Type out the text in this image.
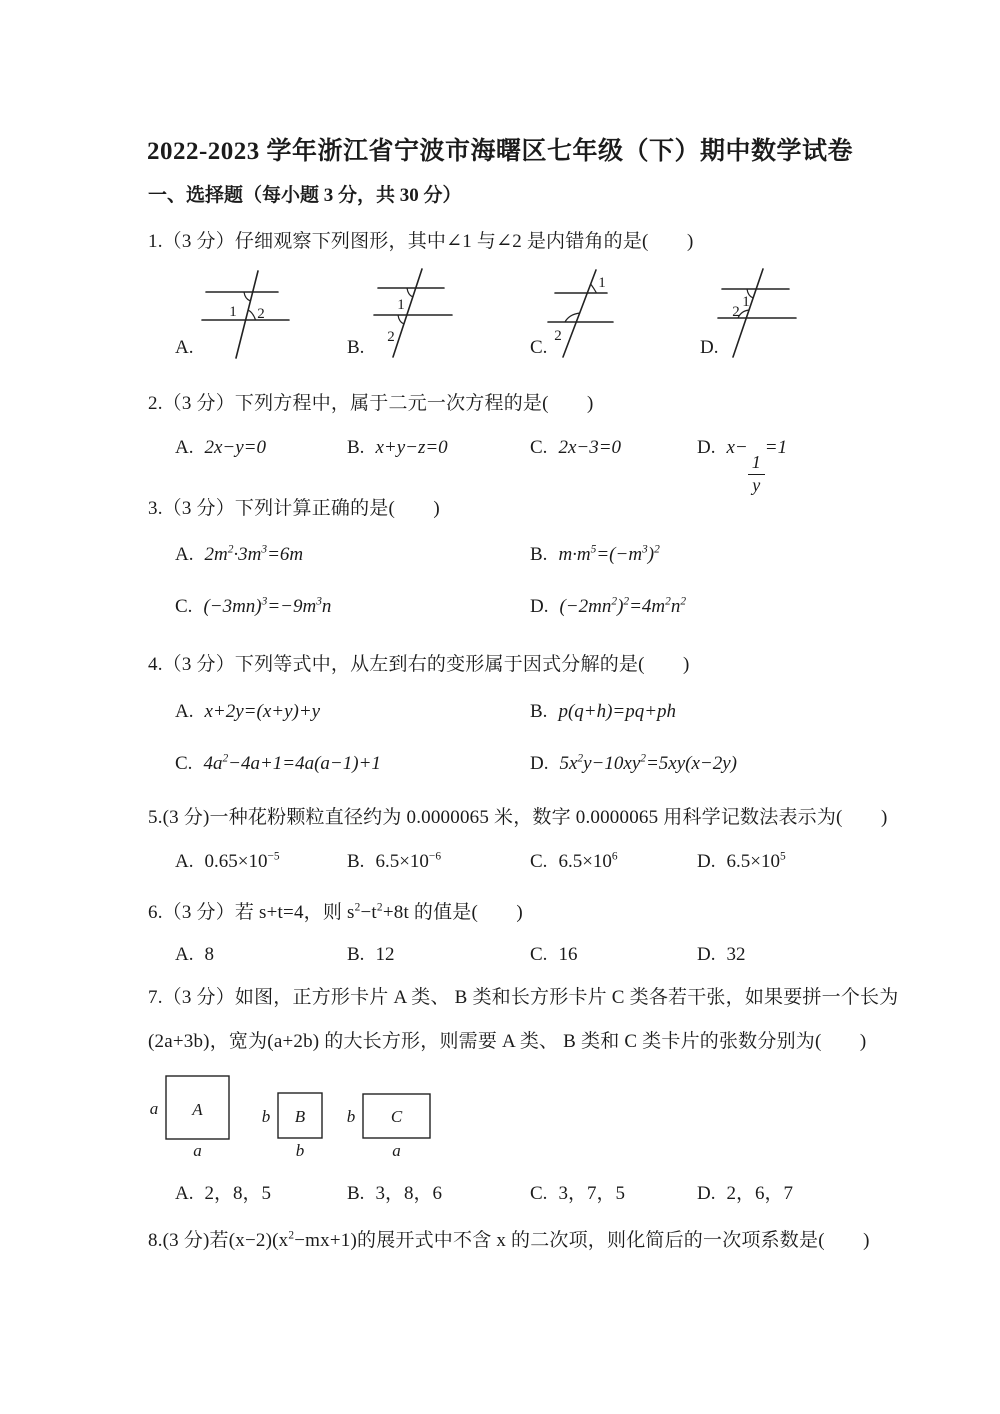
2022-2023 学年浙江省宁波市海曙区七年级（下）期中数学试卷
一、选择题（每小题 3 分，共 30 分）
1.（3 分）仔细观察下列图形，其中∠1 与∠2 是内错角的是(　　)
1 2
A.
1
2
B.
1
2
C.
1
2
D.
2.（3 分）下列方程中，属于二元一次方程的是(　　)
A. 2x−y=0	B. x+y−z=0	C. 2x−3=0	D. x−
$\frac{1}{y}$
=1
3.（3 分）下列计算正确的是(　　)
A. $2m^2\cdot 3m^3=6m$	B. $m\cdot m^5=(-m^3)^2$
C. $(-3mn)^3=-9m^3n$	D. $(-2mn^2)^2=4m^2n^2$
4.（3 分）下列等式中，从左到右的变形属于因式分解的是(　　)
A. x+2y=(x+y)+y	B. p(q+h)=pq+ph
C. $4a^2-4a+1=4a(a-1)+1$	D. $5x^2y-10xy^2=5xy(x-2y)$
5.(3 分)一种花粉颗粒直径约为 0.0000065 米，数字 0.0000065 用科学记数法表示为(　　)
A. $0.65\times 10^{-5}$	B. $6.5\times 10^{-6}$	C. $6.5\times 10^6$	D. $6.5\times 10^5$
6.（3 分）若 s+t=4，则 $s^2-t^2+8t$ 的值是(　　)
A. 8	B. 12	C. 16	D. 32
7.（3 分）如图，正方形卡片 A 类、 B 类和长方形卡片 C 类各若干张，如果要拼一个长为
(2a+3b)，宽为(a+2b) 的大长方形，则需要 A 类、 B 类和 C 类卡片的张数分别为(　　)
a A
a
b B
b
b C
a
A. 2，8，5	B. 3，8，6	C. 3，7，5	D. 2，6，7
8.(3 分)若$(x-2)(x^2-mx+1)$的展开式中不含 x 的二次项，则化简后的一次项系数是(　　)
